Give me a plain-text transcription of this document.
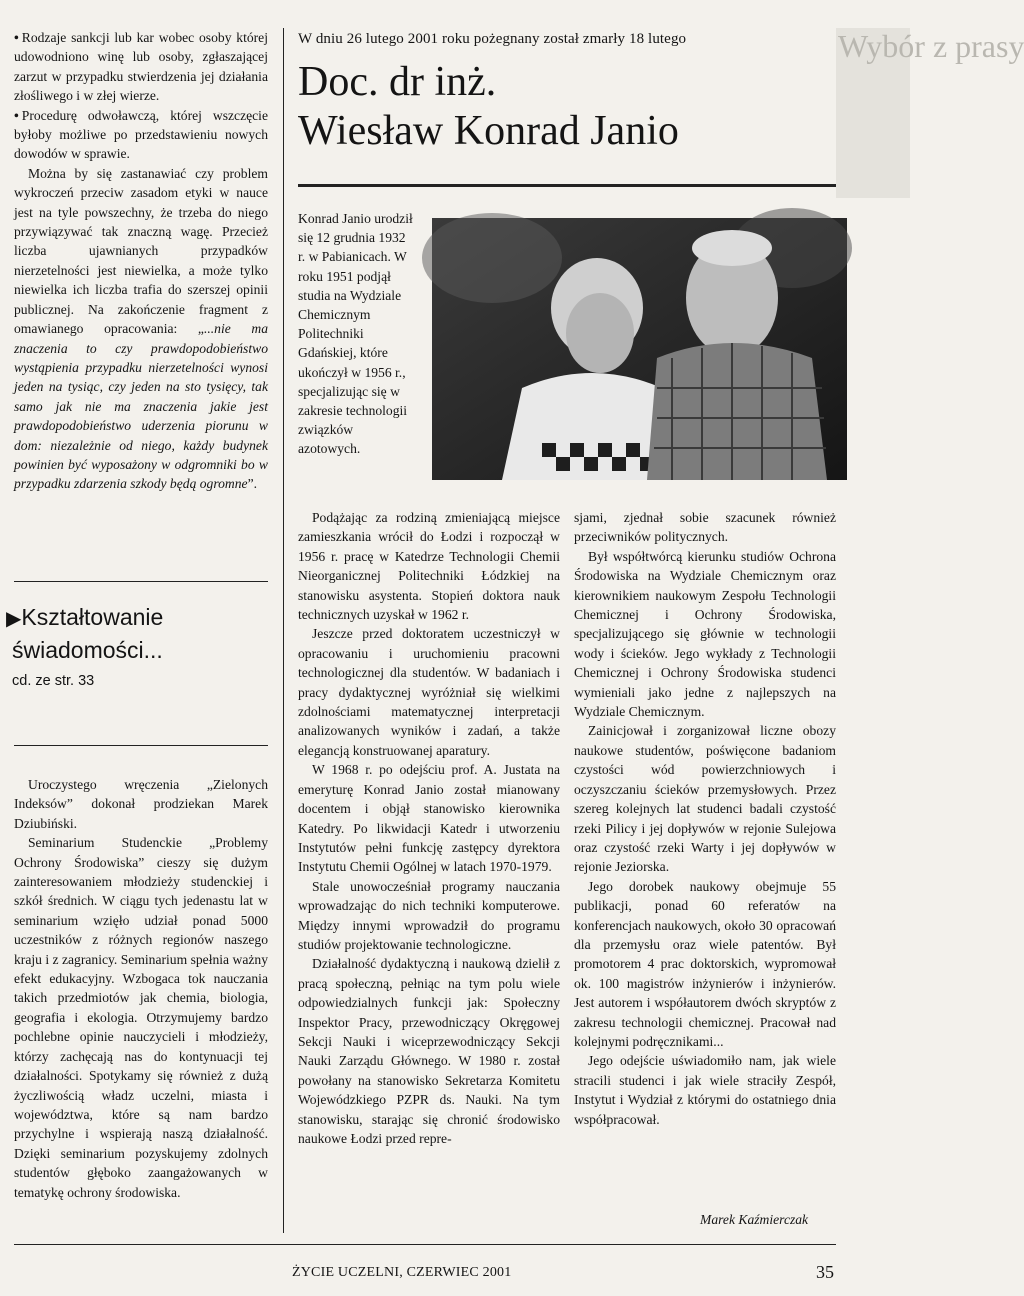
Wybór z prasy

• Rodzaje sankcji lub kar wobec osoby której udowodniono winę lub osoby, zgłaszającej zarzut w przypadku stwierdzenia jej działania złośliwego i w złej wierze.

• Procedurę odwoławczą, której wszczęcie byłoby możliwe po przedstawieniu nowych dowodów w sprawie.

Można by się zastanawiać czy problem wykroczeń przeciw zasadom etyki w nauce jest na tyle powszechny, że trzeba do niego przywiązywać tak znaczną wagę. Przecież liczba ujawnianych przypadków nierzetelności jest niewielka, a może tylko niewielka ich liczba trafia do szerszej opinii publicznej. Na zakończenie fragment z omawianego opracowania: „...nie ma znaczenia to czy prawdopodobieństwo wystąpienia przypadku nierzetelności wynosi jeden na tysiąc, czy jeden na sto tysięcy, tak samo jak nie ma znaczenia jakie jest prawdopodobieństwo uderzenia piorunu w dom: niezależnie od niego, każdy budynek powinien być wyposażony w odgromniki bo w przypadku zdarzenia szkody będą ogromne”.

▶Kształtowanie
świadomości...
cd. ze str. 33

Uroczystego wręczenia „Zielonych Indeksów” dokonał prodziekan Marek Dziubiński.

Seminarium Studenckie „Problemy Ochrony Środowiska” cieszy się dużym zainteresowaniem młodzieży studenckiej i szkół średnich. W ciągu tych jedenastu lat w seminarium wzięło udział ponad 5000 uczestników z różnych regionów naszego kraju i z zagranicy. Seminarium spełnia ważny efekt edukacyjny. Wzbogaca tok nauczania takich przedmiotów jak chemia, biologia, geografia i ekologia. Otrzymujemy bardzo pochlebne opinie nauczycieli i młodzieży, którzy zachęcają nas do kontynuacji tej działalności. Spotykamy się również z dużą życzliwością władz uczelni, miasta i województwa, które są nam bardzo przychylne i wspierają naszą działalność. Dzięki seminarium pozyskujemy zdolnych studentów głęboko zaangażowanych w tematykę ochrony środowiska.

W dniu 26 lutego 2001 roku pożegnany został zmarły 18 lutego
Doc. dr inż.
Wiesław Konrad Janio

Konrad Janio urodził się 12 grudnia 1932 r. w Pabianicach. W roku 1951 podjął studia na Wydziale Chemicznym Politechniki Gdańskiej, które ukończył w 1956 r., specjalizując się w zakresie technologii związków azotowych.

Podążając za rodziną zmieniającą miejsce zamieszkania wrócił do Łodzi i rozpoczął w 1956 r. pracę w Katedrze Technologii Chemii Nieorganicznej Politechniki Łódzkiej na stanowisku asystenta. Stopień doktora nauk technicznych uzyskał w 1962 r.

Jeszcze przed doktoratem uczestniczył w opracowaniu i uruchomieniu pracowni technologicznej dla studentów. W badaniach i pracy dydaktycznej wyróżniał się wielkimi zdolnościami matematycznej interpretacji analizowanych wyników i zadań, a także elegancją konstruowanej aparatury.

W 1968 r. po odejściu prof. A. Justata na emeryturę Konrad Janio został mianowany docentem i objął stanowisko kierownika Katedry. Po likwidacji Katedr i utworzeniu Instytutów pełni funkcję zastępcy dyrektora Instytutu Chemii Ogólnej w latach 1970-1979.

Stale unowocześniał programy nauczania wprowadzając do nich techniki komputerowe. Między innymi wprowadził do programu studiów projektowanie technologiczne.

Działalność dydaktyczną i naukową dzielił z pracą społeczną, pełniąc na tym polu wiele odpowiedzialnych funkcji jak: Społeczny Inspektor Pracy, przewodniczący Okręgowej Sekcji Nauki i wiceprzewodniczący Sekcji Nauki Zarządu Głównego. W 1980 r. został powołany na stanowisko Sekretarza Komitetu Wojewódzkiego PZPR ds. Nauki. Na tym stanowisku, starając się chronić środowisko naukowe Łodzi przed repre-

sjami, zjednał sobie szacunek również przeciwników politycznych.

Był współtwórcą kierunku studiów Ochrona Środowiska na Wydziale Chemicznym oraz kierownikiem naukowym Zespołu Technologii Chemicznej i Ochrony Środowiska, specjalizującego się głównie w technologii wody i ścieków. Jego wykłady z Technologii Chemicznej i Ochrony Środowiska studenci wymieniali jako jedne z najlepszych na Wydziale Chemicznym.

Zainicjował i zorganizował liczne obozy naukowe studentów, poświęcone badaniom czystości wód powierzchniowych i oczyszczaniu ścieków przemysłowych. Przez szereg kolejnych lat studenci badali czystość rzeki Pilicy i jej dopływów w rejonie Sulejowa oraz czystość rzeki Warty i jej dopływów w rejonie Jeziorska.

Jego dorobek naukowy obejmuje 55 publikacji, ponad 60 referatów na konferencjach naukowych, około 30 opracowań dla przemysłu oraz wiele patentów. Był promotorem 4 prac doktorskich, wypromował ok. 100 magistrów inżynierów i inżynierów. Jest autorem i współautorem dwóch skryptów z zakresu technologii chemicznej. Pracował nad kolejnymi podręcznikami...

Jego odejście uświadomiło nam, jak wiele stracili studenci i jak wiele straciły Zespół, Instytut i Wydział z którymi do ostatniego dnia współpracował.

Marek Kaźmierczak
ŻYCIE UCZELNI, CZERWIEC 2001	35
